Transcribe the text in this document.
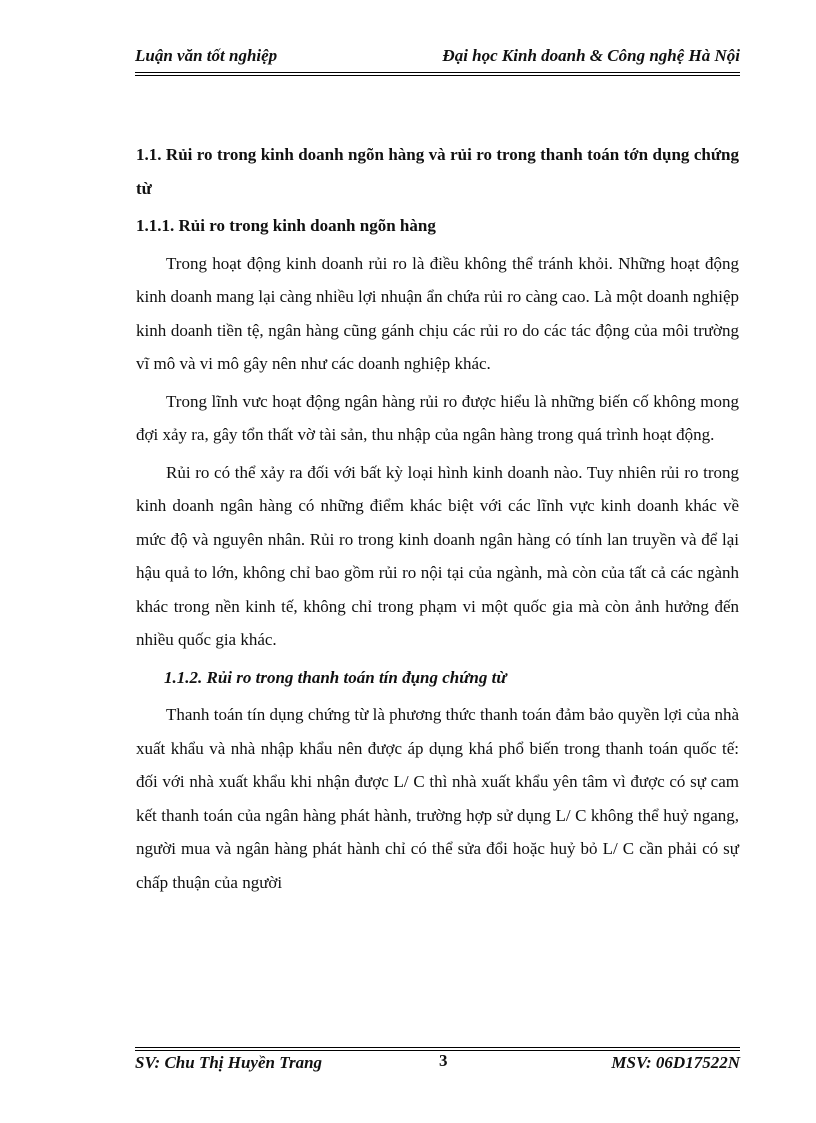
Luận văn tốt nghiệp	Đại học Kinh doanh & Công nghệ Hà Nội

1.1. Rủi ro trong kinh doanh ngõn hàng và rủi ro trong thanh toán tớn dụng chứng từ

1.1.1. Rủi ro trong kinh doanh ngõn hàng

Trong hoạt động kinh doanh rủi ro là điều không thể tránh khỏi. Những hoạt động kinh doanh mang lại càng nhiều lợi nhuận ẩn chứa rủi ro càng cao. Là một doanh nghiệp kinh doanh tiền tệ, ngân hàng cũng gánh chịu các rủi ro do các tác động của môi trường vĩ mô và vi mô gây nên như các doanh nghiệp khác.

Trong lĩnh vưc hoạt động ngân hàng rủi ro được hiểu là những biến cố không mong đợi xảy ra, gây tổn thất vờ tài sản, thu nhập của ngân hàng trong quá trình hoạt động.

Rủi ro có thể xảy ra đối với bất kỳ loại hình kinh doanh nào. Tuy nhiên rủi ro trong kinh doanh ngân hàng có những điểm khác biệt với các lĩnh vực kinh doanh khác về mức độ và nguyên nhân. Rủi ro trong kinh doanh ngân hàng có tính lan truyền và để lại hậu quả to lớn, không chỉ bao gồm rủi ro nội tại của ngành, mà còn của tất cả các ngành khác trong nền kinh tế, không chỉ trong phạm vi một quốc gia mà còn ảnh hưởng đến nhiều quốc gia khác.

1.1.2. Rủi ro trong thanh toán tín đụng chứng từ

Thanh toán tín dụng chứng từ là phương thức thanh toán đảm bảo quyền lợi của nhà xuất khẩu và nhà nhập khẩu nên được áp dụng khá phổ biến trong thanh toán quốc tế: đối với nhà xuất khẩu khi nhận được L/ C thì nhà xuất khẩu yên tâm vì được có sự cam kết thanh toán của ngân hàng phát hành, trường hợp sử dụng L/ C không thể huỷ ngang, người mua và ngân hàng phát hành chỉ có thể sửa đổi hoặc huỷ bỏ L/ C cần phải có sự chấp thuận của người

SV: Chu Thị Huyền Trang	3	MSV: 06D17522N
